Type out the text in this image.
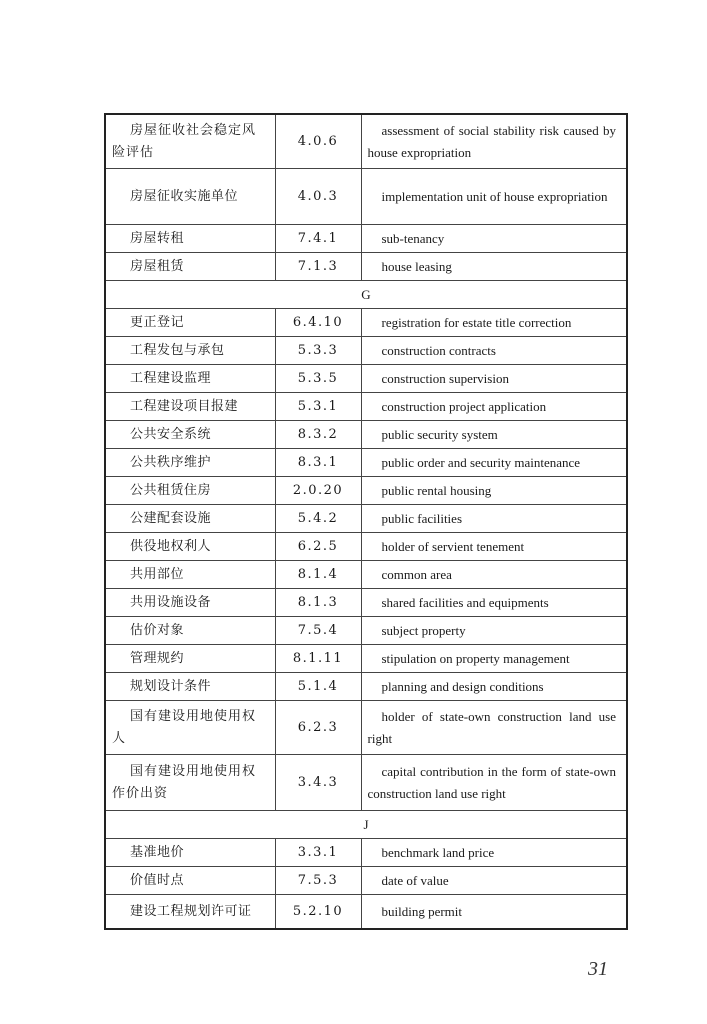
房屋征收社会稳定风险评估	4.0.6	assessment of social stability risk caused by house expropriation
房屋征收实施单位	4.0.3	implementation unit of house expropriation
房屋转租	7.4.1	sub-tenancy
房屋租赁	7.1.3	house leasing
G		
更正登记	6.4.10	registration for estate title correction
工程发包与承包	5.3.3	construction contracts
工程建设监理	5.3.5	construction supervision
工程建设项目报建	5.3.1	construction project application
公共安全系统	8.3.2	public security system
公共秩序维护	8.3.1	public order and security maintenance
公共租赁住房	2.0.20	public rental housing
公建配套设施	5.4.2	public facilities
供役地权利人	6.2.5	holder of servient tenement
共用部位	8.1.4	common area
共用设施设备	8.1.3	shared facilities and equipments
估价对象	7.5.4	subject property
管理规约	8.1.11	stipulation on property management
规划设计条件	5.1.4	planning and design conditions
国有建设用地使用权人	6.2.3	holder of state-own construction land use right
国有建设用地使用权作价出资	3.4.3	capital contribution in the form of state-own construction land use right
J		
基准地价	3.3.1	benchmark land price
价值时点	7.5.3	date of value
建设工程规划许可证	5.2.10	building permit
31
